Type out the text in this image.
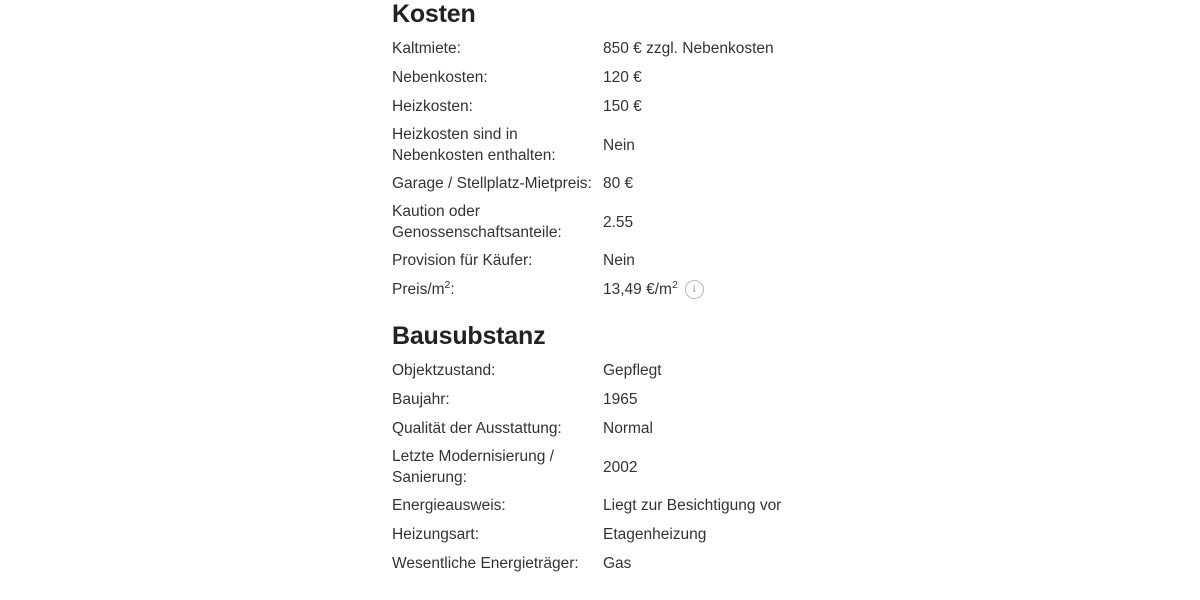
Kosten
Kaltmiete:	850 € zzgl. Nebenkosten
Nebenkosten:	120 €
Heizkosten:	150 €
Heizkosten sind in Nebenkosten enthalten:
Nein
Garage / Stellplatz-Mietpreis: 80 €
Kaution oder Genossenschaftsanteile:
2.55
Provision für Käufer:	Nein
Preis/$m^2$:	13,49 $€/m^2$ i
Bausubstanz
Objektzustand:	Gepflegt
Baujahr:	1965
Qualität der Ausstattung:	Normal
Letzte Modernisierung / Sanierung:
2002
Energieausweis:	Liegt zur Besichtigung vor
Heizungsart:	Etagenheizung
Wesentliche Energieträger:	Gas
